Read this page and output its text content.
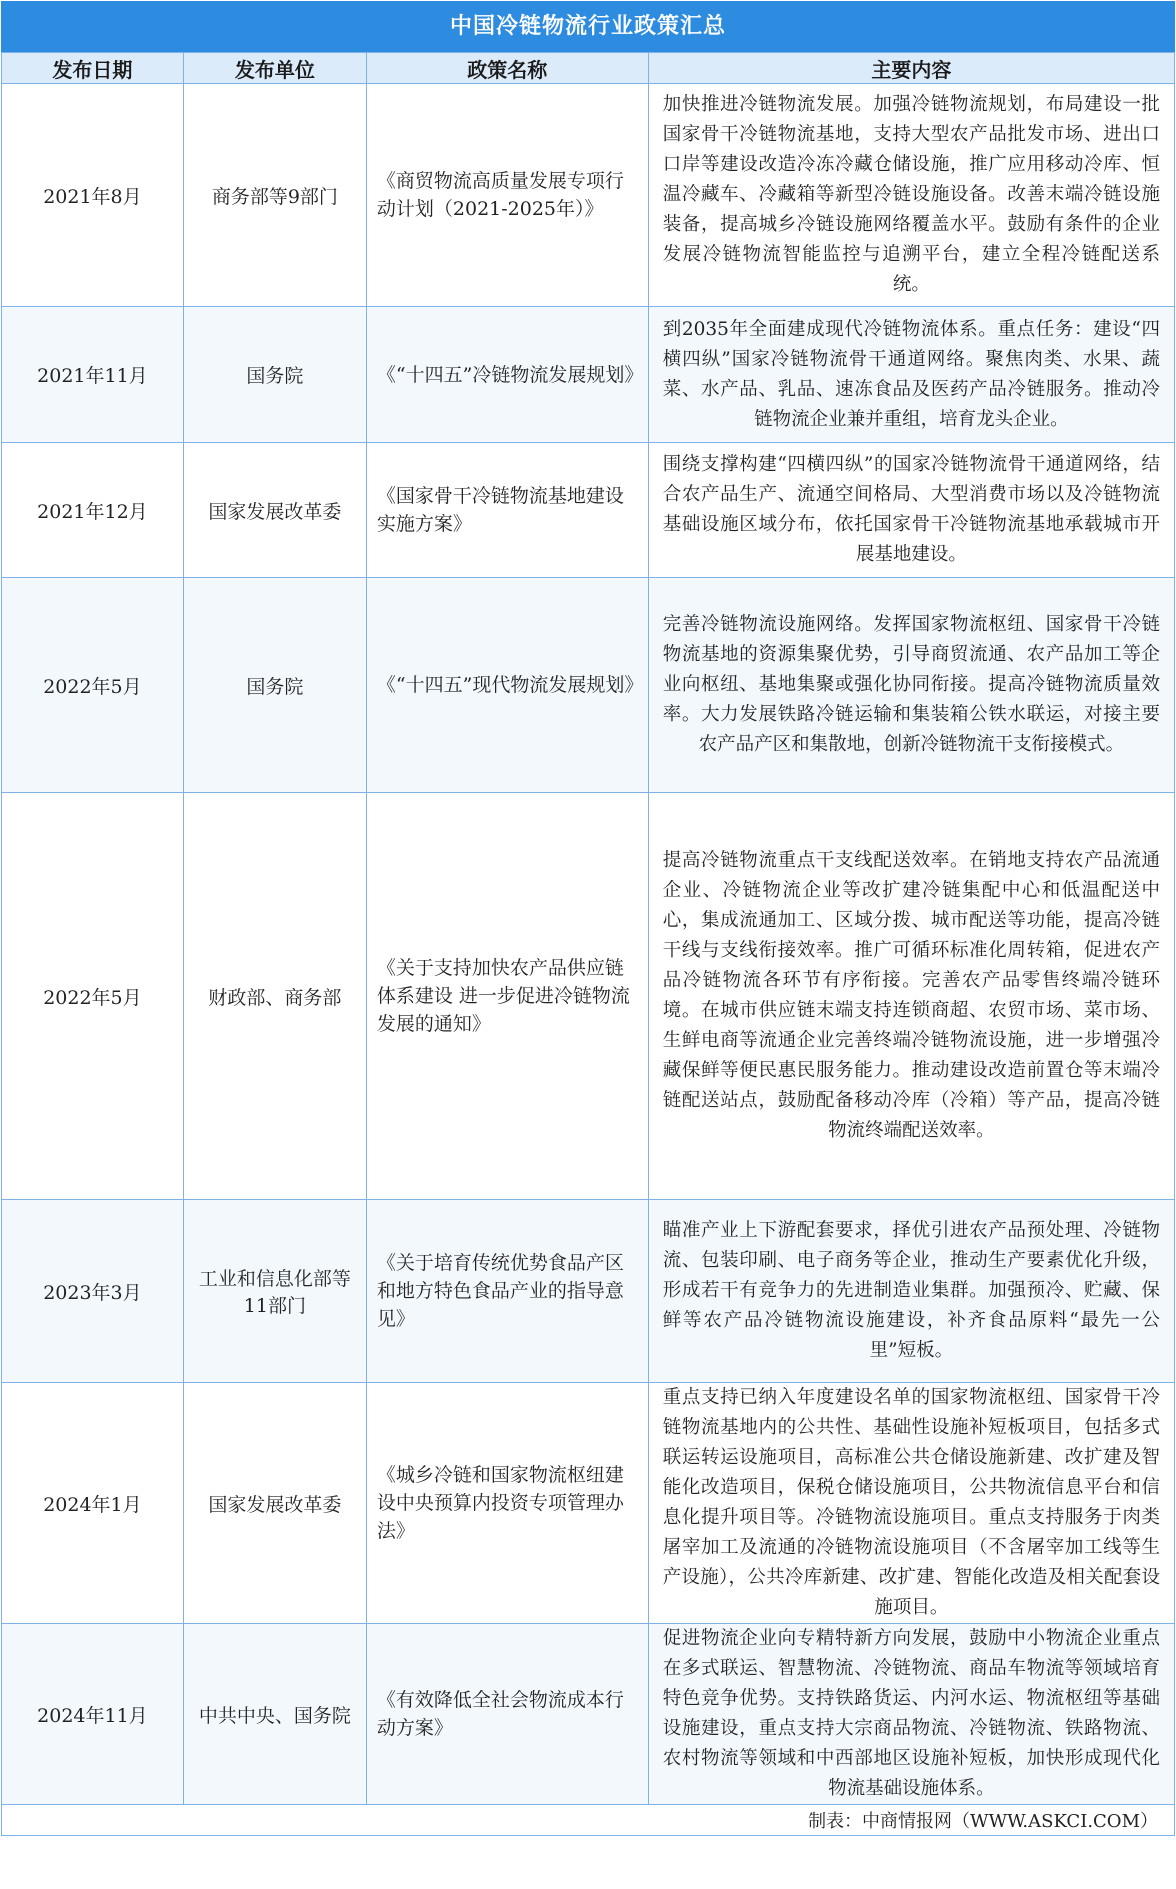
中国冷链物流行业政策汇总
发布日期	发布单位	政策名称	主要内容
2021年8月	商务部等9部门	《商贸物流高质量发展专项行动计划（2021-2025年）》	加快推进冷链物流发展。加强冷链物流规划，布局建设一批国家骨干冷链物流基地，支持大型农产品批发市场、进出口口岸等建设改造冷冻冷藏仓储设施，推广应用移动冷库、恒温冷藏车、冷藏箱等新型冷链设施设备。改善末端冷链设施装备，提高城乡冷链设施网络覆盖水平。鼓励有条件的企业发展冷链物流智能监控与追溯平台，建立全程冷链配送系统。
2021年11月	国务院	《“十四五”冷链物流发展规划》	到2035年全面建成现代冷链物流体系。重点任务：建设“四横四纵”国家冷链物流骨干通道网络。聚焦肉类、水果、蔬菜、水产品、乳品、速冻食品及医药产品冷链服务。推动冷链物流企业兼并重组，培育龙头企业。
2021年12月	国家发展改革委	《国家骨干冷链物流基地建设实施方案》	围绕支撑构建“四横四纵”的国家冷链物流骨干通道网络，结合农产品生产、流通空间格局、大型消费市场以及冷链物流基础设施区域分布，依托国家骨干冷链物流基地承载城市开展基地建设。
2022年5月	国务院	《“十四五”现代物流发展规划》	完善冷链物流设施网络。发挥国家物流枢纽、国家骨干冷链物流基地的资源集聚优势，引导商贸流通、农产品加工等企业向枢纽、基地集聚或强化协同衔接。提高冷链物流质量效率。大力发展铁路冷链运输和集装箱公铁水联运，对接主要农产品产区和集散地，创新冷链物流干支衔接模式。
2022年5月	财政部、商务部	《关于支持加快农产品供应链体系建设 进一步促进冷链物流发展的通知》	提高冷链物流重点干支线配送效率。在销地支持农产品流通企业、冷链物流企业等改扩建冷链集配中心和低温配送中心，集成流通加工、区域分拨、城市配送等功能，提高冷链干线与支线衔接效率。推广可循环标准化周转箱，促进农产品冷链物流各环节有序衔接。完善农产品零售终端冷链环境。在城市供应链末端支持连锁商超、农贸市场、菜市场、生鲜电商等流通企业完善终端冷链物流设施，进一步增强冷藏保鲜等便民惠民服务能力。推动建设改造前置仓等末端冷链配送站点，鼓励配备移动冷库（冷箱）等产品，提高冷链物流终端配送效率。
2023年3月	工业和信息化部等11部门	《关于培育传统优势食品产区和地方特色食品产业的指导意见》	瞄准产业上下游配套要求，择优引进农产品预处理、冷链物流、包装印刷、电子商务等企业，推动生产要素优化升级，形成若干有竞争力的先进制造业集群。加强预冷、贮藏、保鲜等农产品冷链物流设施建设，补齐食品原料“最先一公里”短板。
2024年1月	国家发展改革委	《城乡冷链和国家物流枢纽建设中央预算内投资专项管理办法》	重点支持已纳入年度建设名单的国家物流枢纽、国家骨干冷链物流基地内的公共性、基础性设施补短板项目，包括多式联运转运设施项目，高标准公共仓储设施新建、改扩建及智能化改造项目，保税仓储设施项目，公共物流信息平台和信息化提升项目等。冷链物流设施项目。重点支持服务于肉类屠宰加工及流通的冷链物流设施项目（不含屠宰加工线等生产设施），公共冷库新建、改扩建、智能化改造及相关配套设施项目。
2024年11月	中共中央、国务院	《有效降低全社会物流成本行动方案》	促进物流企业向专精特新方向发展，鼓励中小物流企业重点在多式联运、智慧物流、冷链物流、商品车物流等领域培育特色竞争优势。支持铁路货运、内河水运、物流枢纽等基础设施建设，重点支持大宗商品物流、冷链物流、铁路物流、农村物流等领域和中西部地区设施补短板，加快形成现代化物流基础设施体系。
制表：中商情报网（WWW.ASKCI.COM）			
